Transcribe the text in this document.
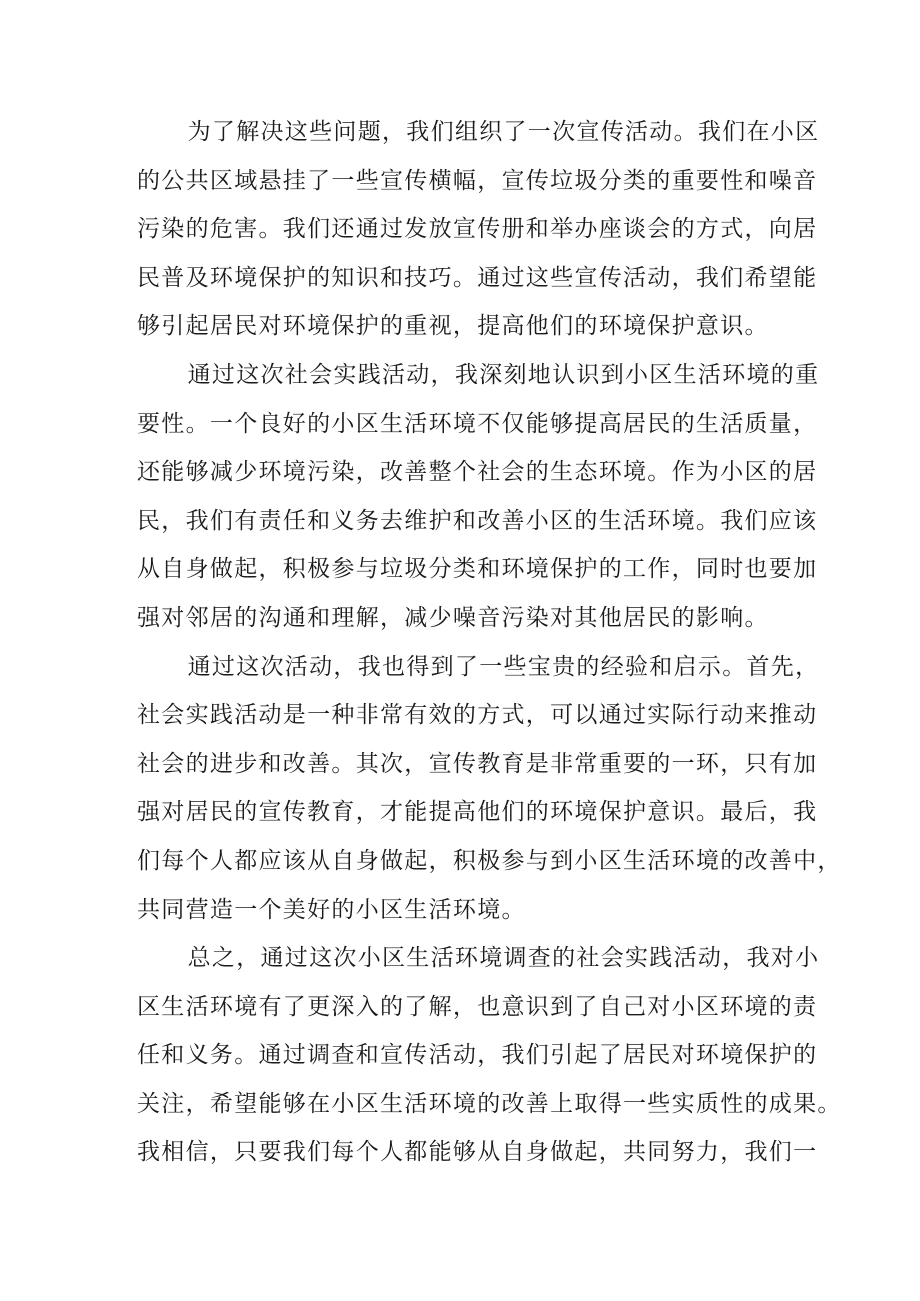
为了解决这些问题，我们组织了一次宣传活动。我们在小区
的公共区域悬挂了一些宣传横幅，宣传垃圾分类的重要性和噪音
污染的危害。我们还通过发放宣传册和举办座谈会的方式，向居
民普及环境保护的知识和技巧。通过这些宣传活动，我们希望能
够引起居民对环境保护的重视，提高他们的环境保护意识。
通过这次社会实践活动，我深刻地认识到小区生活环境的重
要性。一个良好的小区生活环境不仅能够提高居民的生活质量，
还能够减少环境污染，改善整个社会的生态环境。作为小区的居
民，我们有责任和义务去维护和改善小区的生活环境。我们应该
从自身做起，积极参与垃圾分类和环境保护的工作，同时也要加
强对邻居的沟通和理解，减少噪音污染对其他居民的影响。
通过这次活动，我也得到了一些宝贵的经验和启示。首先，
社会实践活动是一种非常有效的方式，可以通过实际行动来推动
社会的进步和改善。其次，宣传教育是非常重要的一环，只有加
强对居民的宣传教育，才能提高他们的环境保护意识。最后，我
们每个人都应该从自身做起，积极参与到小区生活环境的改善中，
共同营造一个美好的小区生活环境。
总之，通过这次小区生活环境调查的社会实践活动，我对小
区生活环境有了更深入的了解，也意识到了自己对小区环境的责
任和义务。通过调查和宣传活动，我们引起了居民对环境保护的
关注，希望能够在小区生活环境的改善上取得一些实质性的成果。
我相信，只要我们每个人都能够从自身做起，共同努力，我们一
